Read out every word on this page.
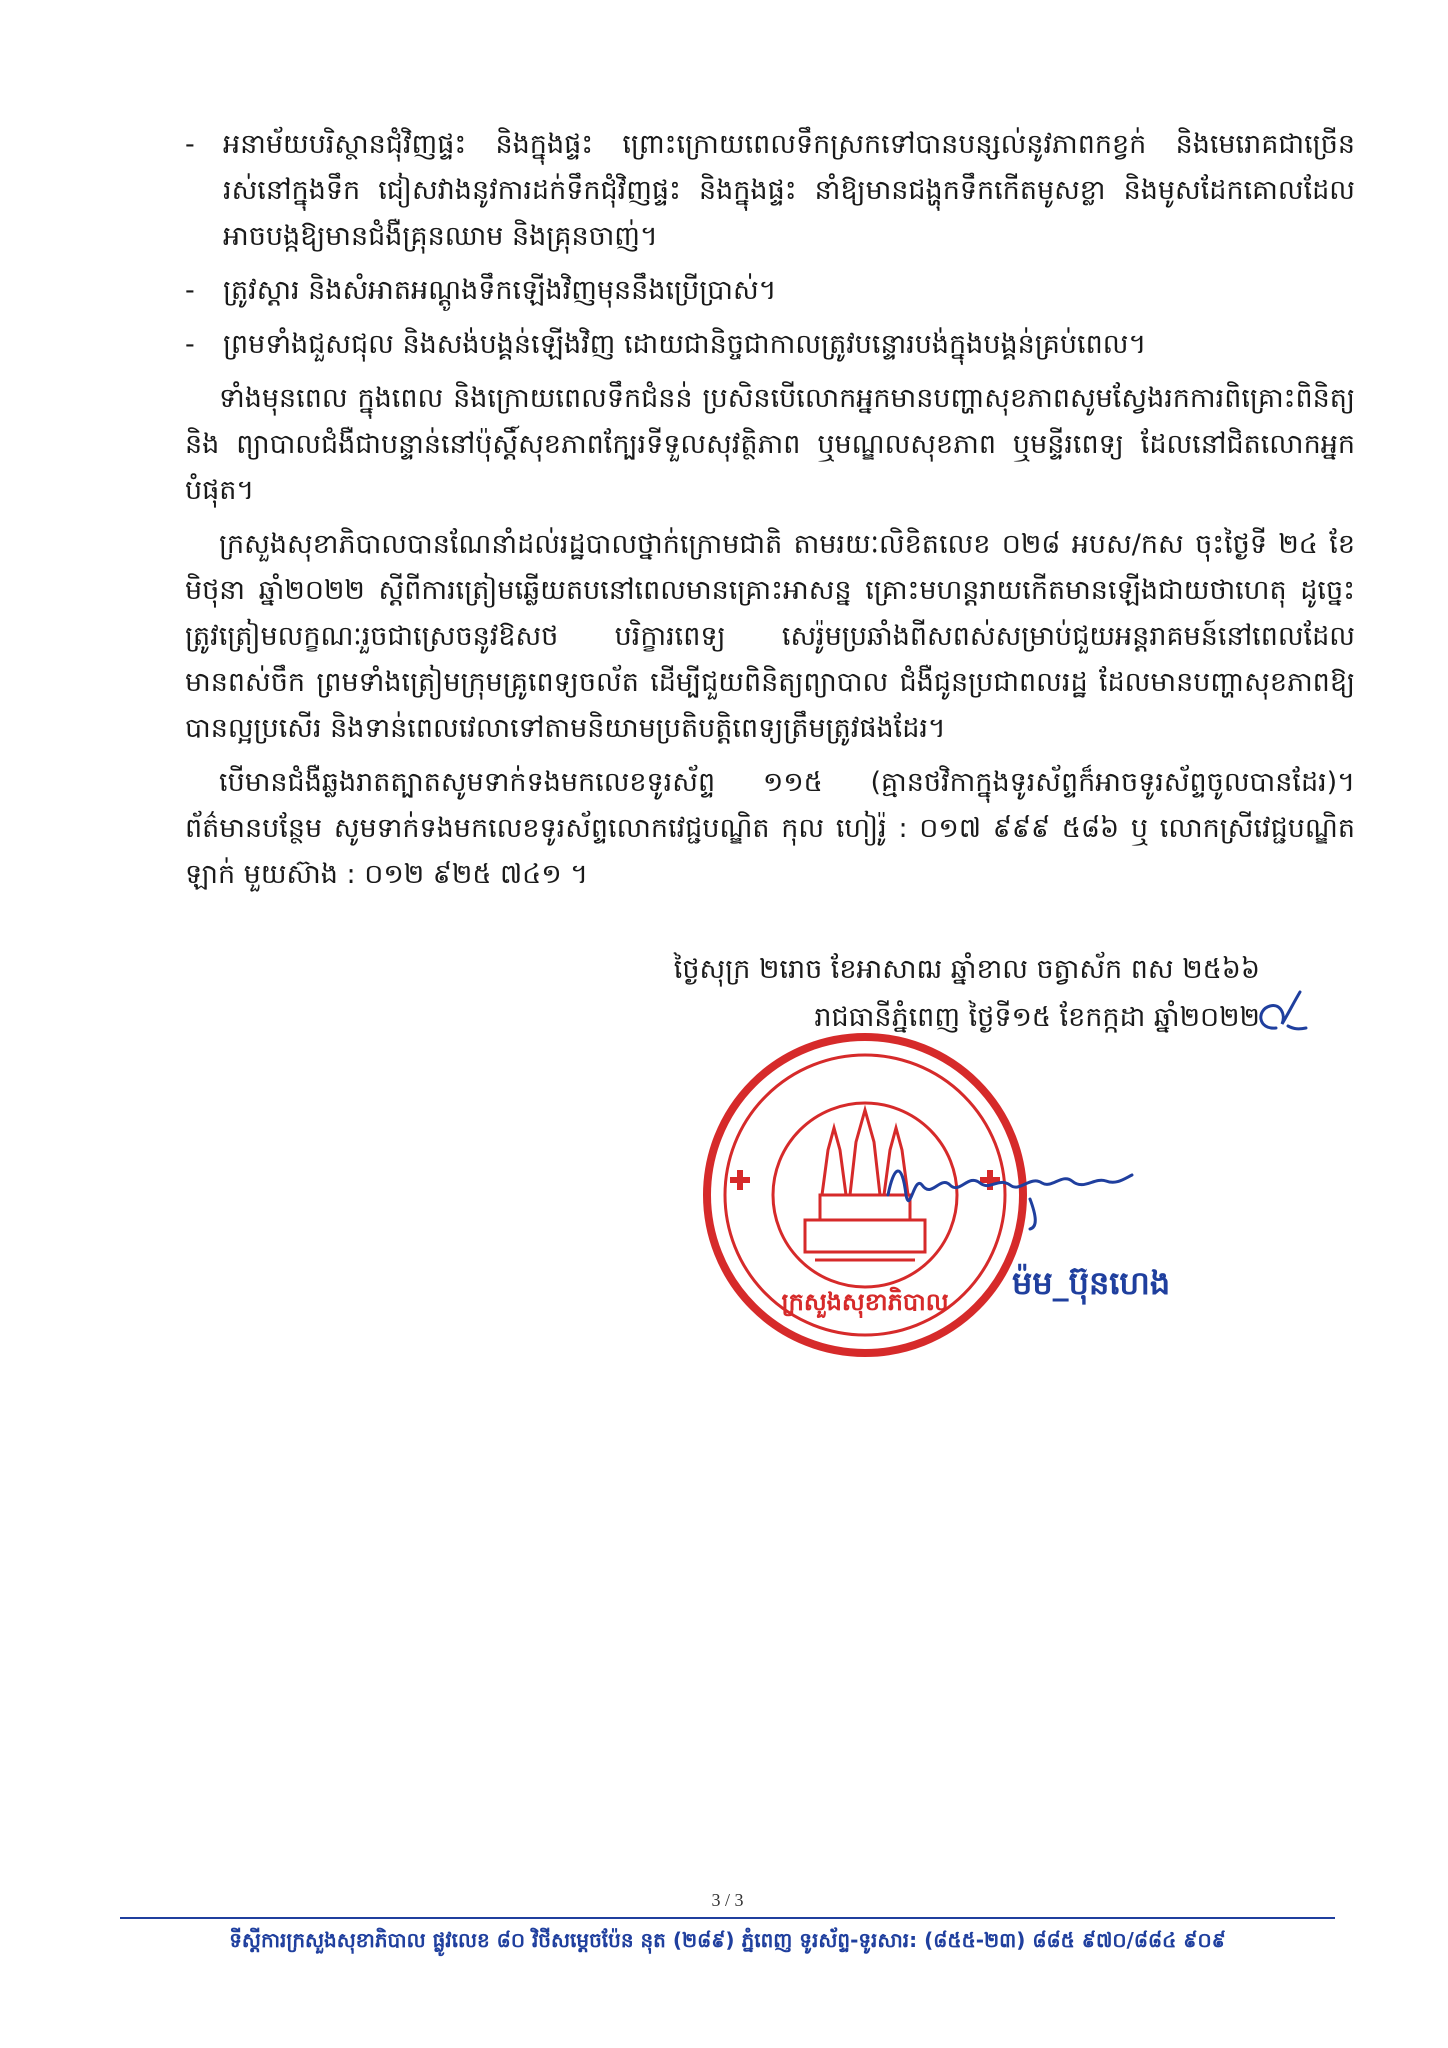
-	អនាម័យបរិស្ថានជុំវិញផ្ទះ និងក្នុងផ្ទះ ព្រោះក្រោយពេលទឹកស្រកទៅបានបន្សល់នូវភាពកខ្វក់ និងមេរោគជាច្រើនរស់នៅក្នុងទឹក ជៀសវាងនូវការដក់ទឹកជុំវិញផ្ទះ និងក្នុងផ្ទះ នាំឱ្យមានជង្ហុកទឹកកើតមូសខ្លា និងមូសដែកគោលដែលអាចបង្កឱ្យមានជំងឺគ្រុនឈាម និងគ្រុនចាញ់។
-	ត្រូវស្តារ និងសំអាតអណ្តូងទឹកឡើងវិញមុននឹងប្រើប្រាស់។
-	ព្រមទាំងជួសជុល និងសង់បង្គន់ឡើងវិញ ដោយជានិច្ចជាកាលត្រូវបន្ទោរបង់ក្នុងបង្គន់គ្រប់ពេល។

ទាំងមុនពេល ក្នុងពេល និងក្រោយពេលទឹកជំនន់ ប្រសិនបើលោកអ្នកមានបញ្ហាសុខភាពសូមស្វែងរកការពិគ្រោះពិនិត្យ និង ព្យាបាលជំងឺជាបន្ទាន់នៅប៉ុស្តិ៍សុខភាពក្បែរទីទួលសុវត្ថិភាព ឬមណ្ឌលសុខភាព ឬមន្ទីរពេទ្យ ដែលនៅជិតលោកអ្នកបំផុត។

ក្រសួងសុខាភិបាលបានណែនាំដល់រដ្ឋបាលថ្នាក់ក្រោមជាតិ តាមរយៈលិខិតលេខ ០២៨ អបស/កស ចុះថ្ងៃទី ២៤ ខែមិថុនា ឆ្នាំ២០២២ ស្តីពីការត្រៀមឆ្លើយតបនៅពេលមានគ្រោះអាសន្ន គ្រោះមហន្តរាយកើតមានឡើងជាយថាហេតុ ដូច្នេះត្រូវត្រៀមលក្ខណៈរួចជាស្រេចនូវឱសថ បរិក្ខារពេទ្យ សេរ៉ូមប្រឆាំងពីសពស់សម្រាប់ជួយអន្តរាគមន៍នៅពេលដែលមានពស់ចឹក ព្រមទាំងត្រៀមក្រុមគ្រូពេទ្យចល័ត ដើម្បីជួយពិនិត្យព្យាបាល ជំងឺជូនប្រជាពលរដ្ឋ ដែលមានបញ្ហាសុខភាពឱ្យបានល្អប្រសើរ និងទាន់ពេលវេលាទៅតាមនិយាមប្រតិបត្តិពេទ្យត្រឹមត្រូវផងដែរ។

បើមានជំងឺឆ្លងរាតត្បាតសូមទាក់ទងមកលេខទូរស័ព្ទ ១១៥ (គ្មានថវិកាក្នុងទូរស័ព្ទក៏អាចទូរស័ព្ទចូលបានដែរ)។ ព័ត៌មានបន្ថែម សូមទាក់ទងមកលេខទូរស័ព្ទលោកវេជ្ជបណ្ឌិត កុល ហៀរ៉ូ : ០១៧ ៩៩៩ ៥៨៦ ឬ លោកស្រីវេជ្ជបណ្ឌិត ឡាក់ មួយស៊ាង : ០១២ ៩២៥ ៧៤១ ។

ថ្ងៃសុក្រ ២រោច ខែអាសាឍ ឆ្នាំខាល ចត្វាស័ក ពស ២៥៦៦
រាជធានីភ្នំពេញ ថ្ងៃទី១៥ ខែកក្កដា ឆ្នាំ២០២២
ក្រសួងសុខាភិបាល ម៉ម_ប៊ុនហេង
3 / 3
ទីស្តីការក្រសួងសុខាភិបាល ផ្លូវលេខ ៨០ វិថីសម្តេចប៉ែន នុត (២៨៩) ភ្នំពេញ ទូរស័ព្ទ-ទូរសារ: (៨៥៥-២៣) ៨៨៥ ៩៧០/៨៨៤ ៩០៩
